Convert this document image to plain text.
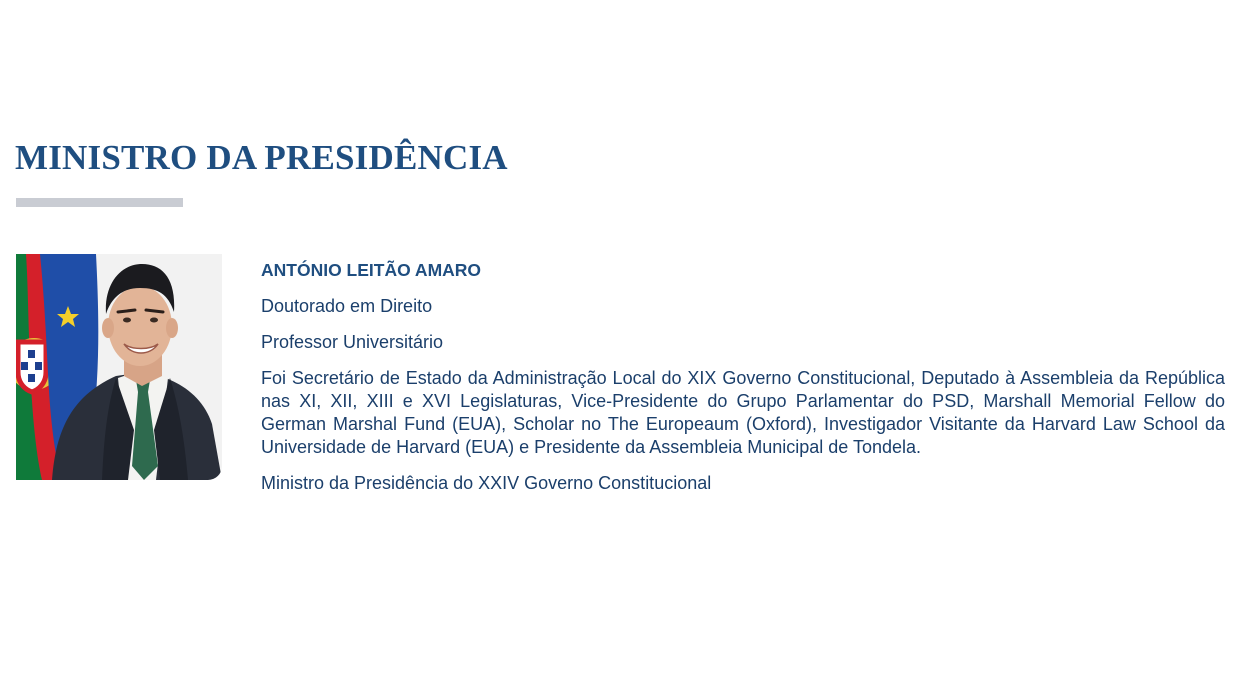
MINISTRO DA PRESIDÊNCIA

ANTÓNIO LEITÃO AMARO

Doutorado em Direito

Professor Universitário

Foi Secretário de Estado da Administração Local do XIX Governo Constitucional, Deputado à Assembleia da República nas XI, XII, XIII e XVI Legislaturas, Vice-Presidente do Grupo Parlamentar do PSD, Marshall Memorial Fellow do German Marshal Fund (EUA), Scholar no The Europeaum (Oxford), Investigador Visitante da Harvard Law School da Universidade de Harvard (EUA) e Presidente da Assembleia Municipal de Tondela.

Ministro da Presidência do XXIV Governo Constitucional
